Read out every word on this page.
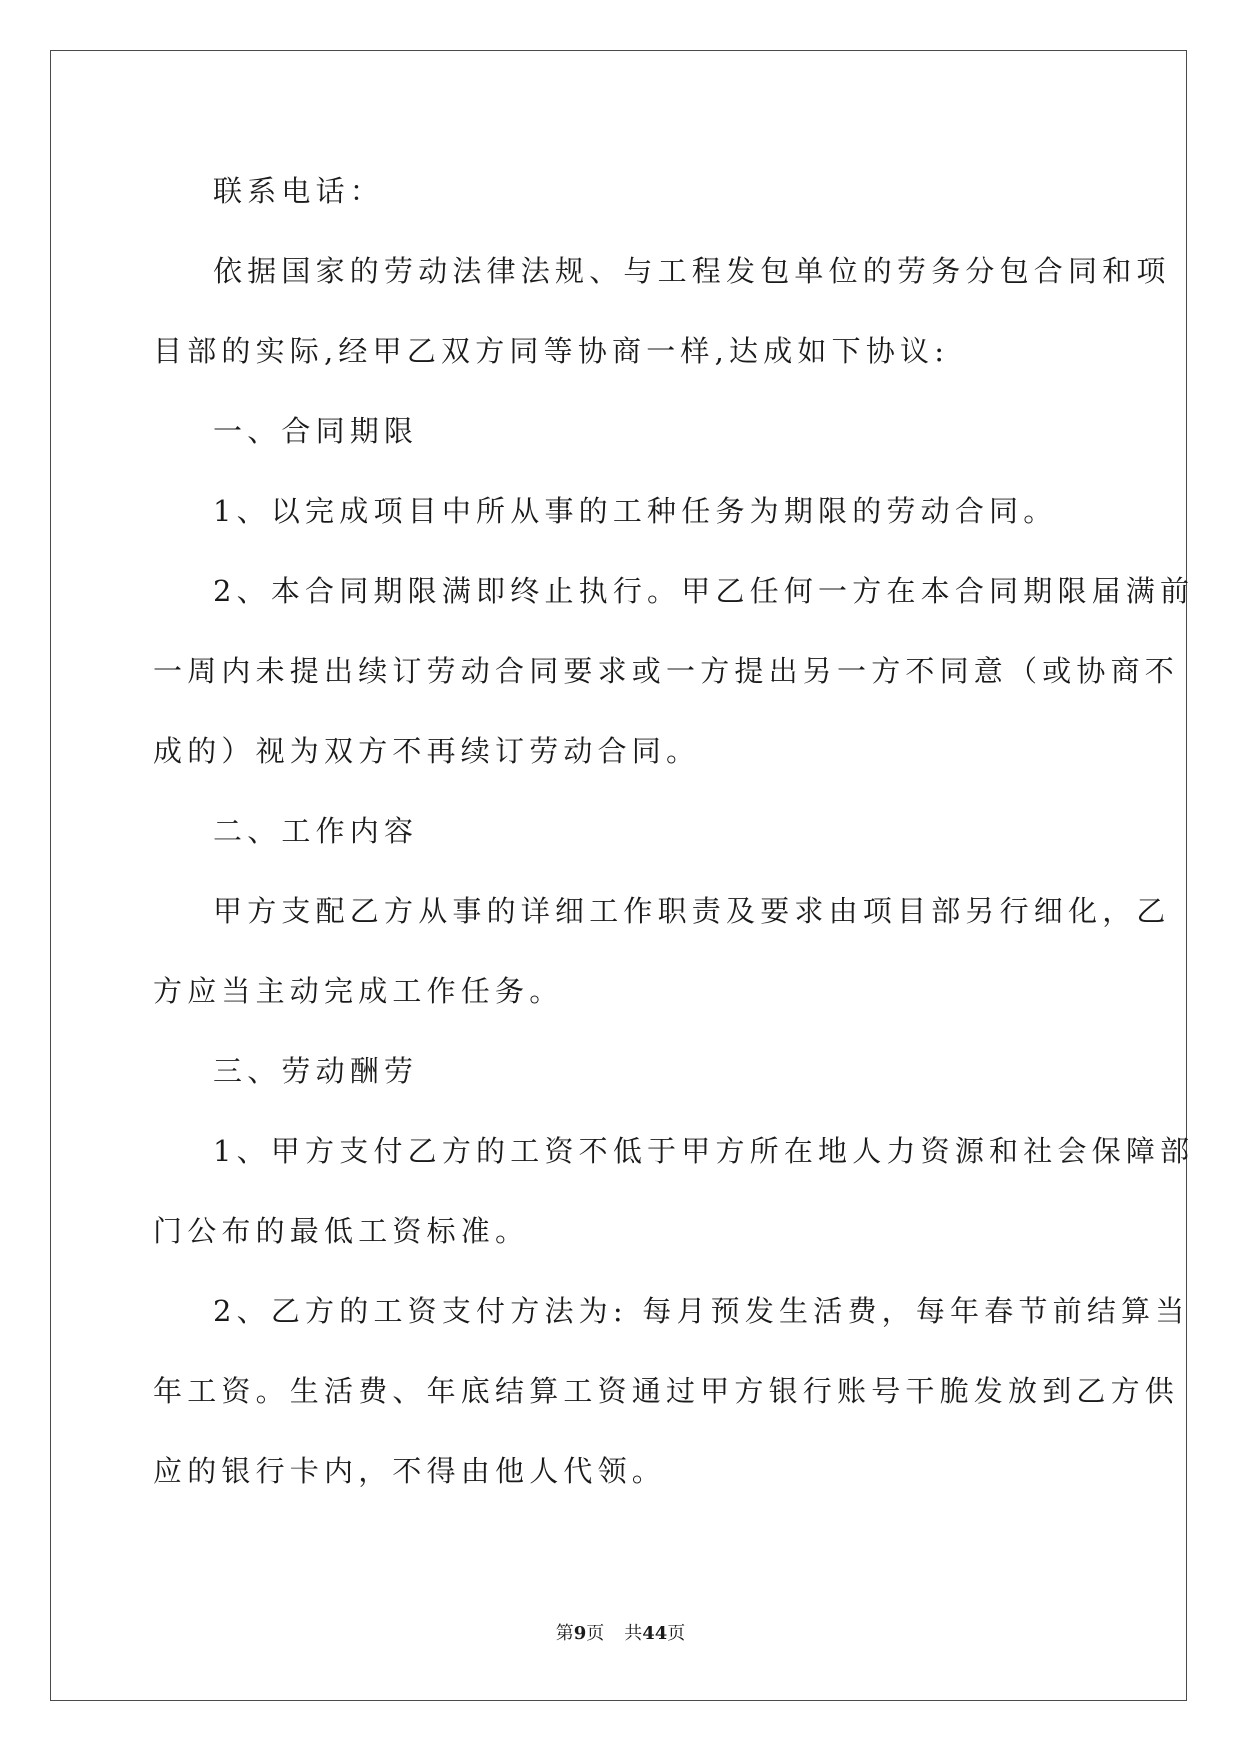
联系电话：
依据国家的劳动法律法规、与工程发包单位的劳务分包合同和项
目部的实际,经甲乙双方同等协商一样,达成如下协议:
一、合同期限
1、以完成项目中所从事的工种任务为期限的劳动合同。
2、本合同期限满即终止执行。甲乙任何一方在本合同期限届满前
一周内未提出续订劳动合同要求或一方提出另一方不同意（或协商不
成的）视为双方不再续订劳动合同。
二、工作内容
甲方支配乙方从事的详细工作职责及要求由项目部另行细化，乙
方应当主动完成工作任务。
三、劳动酬劳
1、甲方支付乙方的工资不低于甲方所在地人力资源和社会保障部
门公布的最低工资标准。
2、乙方的工资支付方法为: 每月预发生活费，每年春节前结算当
年工资。生活费、年底结算工资通过甲方银行账号干脆发放到乙方供
应的银行卡内，不得由他人代领。
第9页 共44页
